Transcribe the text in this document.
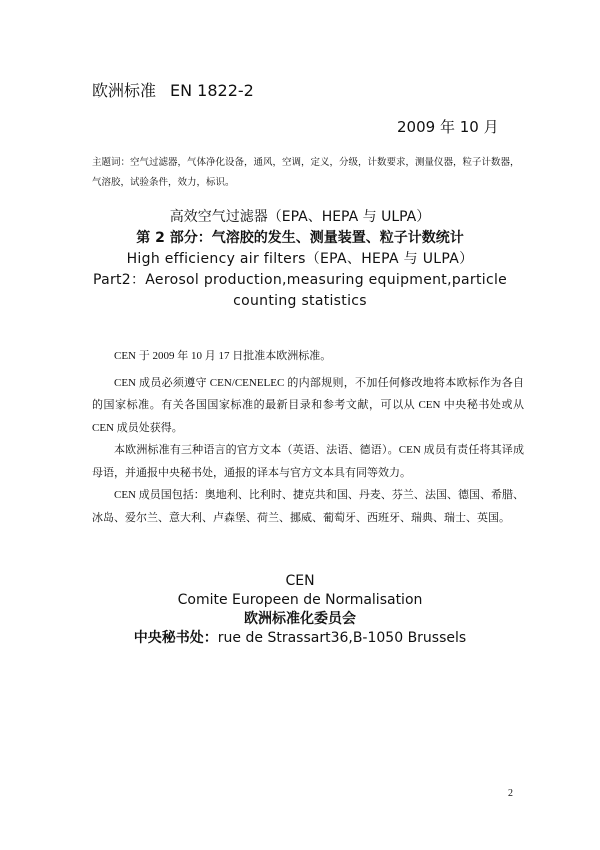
欧洲标准 EN 1822-2
2009 年 10 月
主题词：空气过滤器，气体净化设备，通风，空调，定义，分级，计数要求，测量仪器，粒子计数器，气溶胶，试验条件，效力，标识。
高效空气过滤器（EPA、HEPA 与 ULPA）
第 2 部分：气溶胶的发生、测量装置、粒子计数统计
High efficiency air filters（EPA、HEPA 与 ULPA）
Part2：Aerosol production,measuring equipment,particle
counting statistics

CEN 于 2009 年 10 月 17 日批准本欧洲标准。

CEN 成员必须遵守 CEN/CENELEC 的内部规则，不加任何修改地将本欧标作为各自的国家标准。有关各国国家标准的最新目录和参考文献，可以从 CEN 中央秘书处或从 CEN 成员处获得。

本欧洲标准有三种语言的官方文本（英语、法语、德语）。CEN 成员有责任将其译成母语，并通报中央秘书处，通报的译本与官方文本具有同等效力。

CEN 成员国包括：奥地利、比利时、捷克共和国、丹麦、芬兰、法国、德国、希腊、冰岛、爱尔兰、意大利、卢森堡、荷兰、挪威、葡萄牙、西班牙、瑞典、瑞士、英国。

CEN
Comite Europeen de Normalisation
欧洲标准化委员会
中央秘书处：rue de Strassart36,B-1050 Brussels
2
